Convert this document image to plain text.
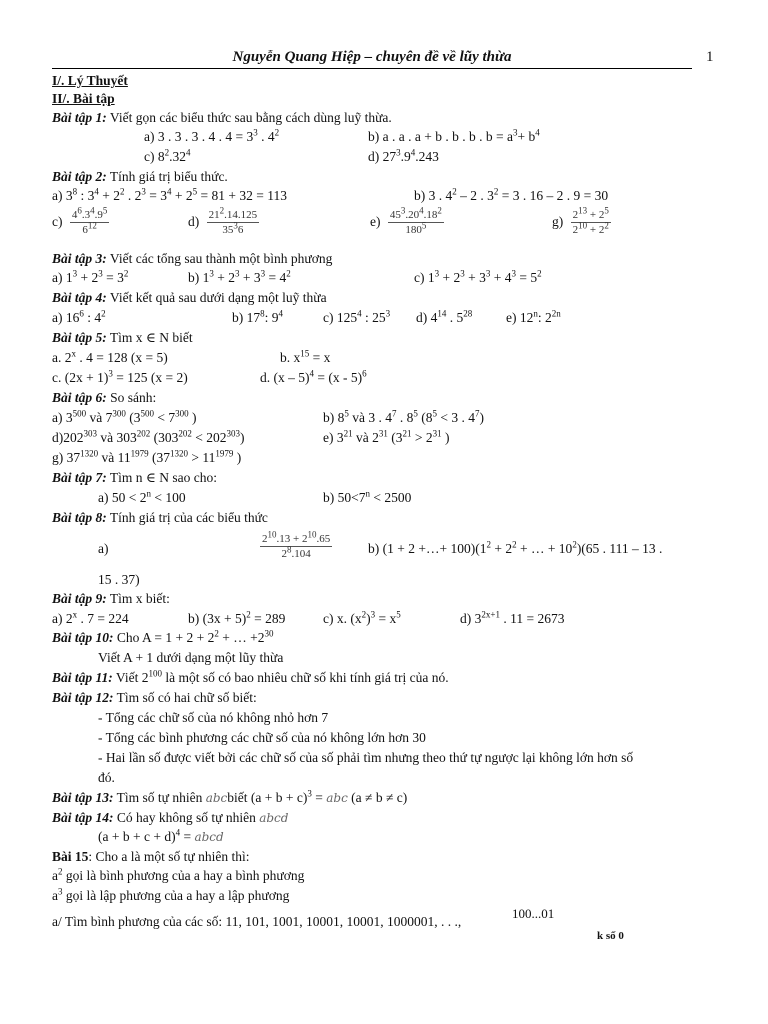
Nguyễn Quang Hiệp – chuyên đề về lũy thừa	1
I/. Lý Thuyết
II/. Bài tập
Bài tập 1: Viết gọn các biểu thức sau bằng cách dùng luỹ thừa.
a) 3 . 3 . 3 . 4 . $4 = 3^3$ . $4^2$	b) a . a . a + b . b . b . $b = a^3+ b^4$
c) $8^2.32^4$	d) $27^3.9^4.243$
Bài tập 2: Tính giá trị biểu thức.
a) $3^8$ : $3^4 + 2^2$ . $2^3 = 3^4 + 2^5 = 81 + 32 = 113$	b) 3 . $4^2 - 2$ . $3^2 = 3$ . 16 – 2 . 9 = 30
$c) \frac{4^6.3^4.9^5}{6^{12}}$	$d) \frac{21^2.14.125}{35^36}$	$e) \frac{45^3.20^4.18^2}{180^5}$	$g) \frac{2^{13} + 2^5}{2^{10} + 2^2}$
Bài tập 3: Viết các tổng sau thành một bình phương
a) $1^3 + 2^3 = 3^2$	b) $1^3 + 2^3 + 3^3 = 4^2$	c) $1^3 + 2^3 + 3^3 + 4^3 = 5^2$
Bài tập 4: Viết kết quả sau dưới dạng một luỹ thừa
a) $16^6$ : $4^2$	b) $17^8$: $9^4$	c) $125^4$ : $25^3$ d) $4^{14}$ . $5^{28}$	e) 12$^n$: $2^{2n}$
Bài tập 5: Tìm x ∈ N biết
a. 2$^x$ . 4 = 128 (x = 5)	b. $x^{15} = x$
c. $(2x + 1)^3 = 125$ (x = 2)	d. (x – 5)$^4$ = (x - 5)$^6$
Bài tập 6: So sánh:
a) $3^{500}$ và $7^{300}$ ($3^{500} < 7^{300}$ )	b) $8^5$ và 3 . $4^7$ . $8^5$ ($8^5 < 3$ . $4^7$)
$d)202^{303}$ và $303^{202}$ $(303^{202} < 202^{303})$	e) $3^{21}$ và $2^{31}$ ($3^{21} > 2^{31}$ )
g) $37^{1320}$ và $11^{1979}$ ($37^{1320} > 11^{1979}$ )
Bài tập 7: Tìm n ∈ N sao cho:
a) $50 < 2^n < 100$	b) $50<7^n < 2500$
Bài tập 8: Tính giá trị của các biểu thức
a)	$\frac{2^{10}.13 + 2^{10}.65}{2^8.104}$	b) (1 + 2 +…+ $100)(1^2 + 2^2$ + … + $10^2)(65$ . 111 – 13 .
15 . 37)
Bài tập 9: Tìm x biết:
a) 2$^x$ . 7 = 224	b) $(3x + 5)^2 = 289$	c) x. $(x^2)^3 = x^5$	d) $3^{2x+1}$ . 11 = 2673
Bài tập 10: Cho $A = 1 + 2 + 2^2$ + … $+2^{30}$
Viết A + 1 dưới dạng một lũy thừa
Bài tập 11: Viết $2^{100}$ là một số có bao nhiêu chữ số khi tính giá trị của nó.
Bài tập 12: Tìm số có hai chữ số biết:
- Tổng các chữ số của nó không nhỏ hơn 7
- Tổng các bình phương các chữ số của nó không lớn hơn 30
- Hai lần số được viết bởi các chữ số của số phải tìm nhưng theo thứ tự ngược lại không lớn hơn số
đó.
Bài tập 13: Tìm số tự nhiên abcbiết $(a + b + c)^3$ = abc (a ≠ b ≠ c)
Bài tập 14: Có hay không số tự nhiên abcd
$(a + b + c + d)^4$ = abcd
Bài 15: Cho a là một số tự nhiên thì:
$a^2$ gọi là bình phương của a hay a bình phương
$a^3$ gọi là lập phương của a hay a lập phương
a/ Tìm bình phương của các số: 11, 101, 1001, 10001, 10001, 1000001, . . .,
100...01
k số 0
